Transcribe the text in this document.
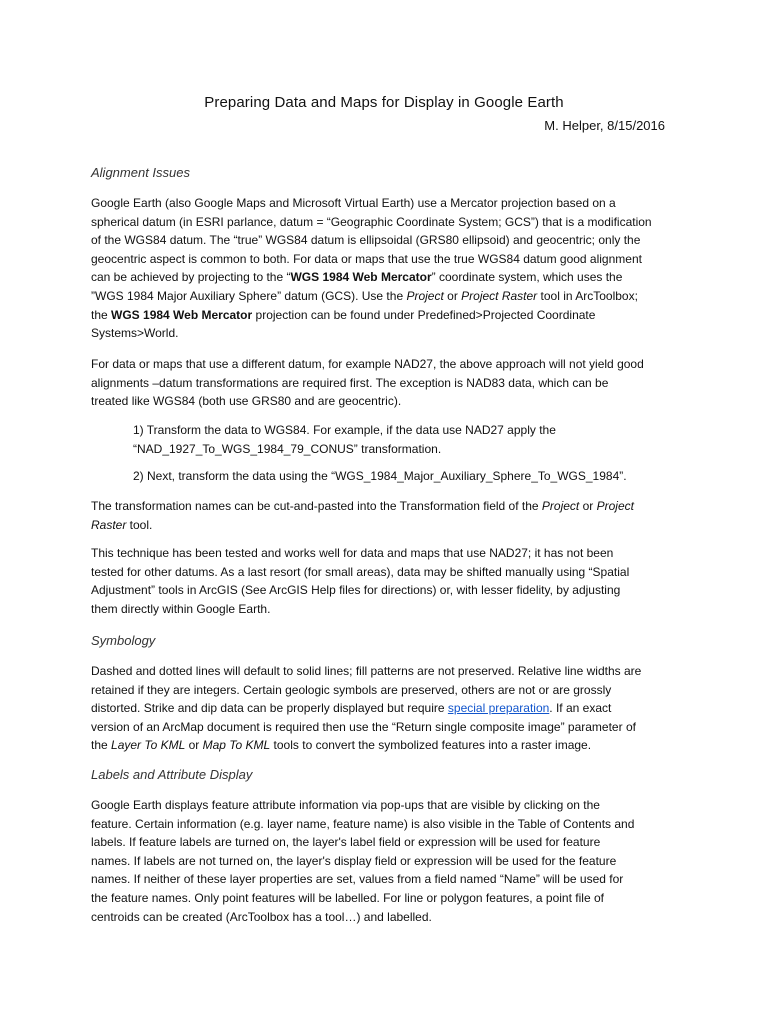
Preparing Data and Maps for Display in Google Earth
M. Helper, 8/15/2016
Alignment Issues
Google Earth (also Google Maps and Microsoft Virtual Earth) use a Mercator projection based on a
spherical datum (in ESRI parlance, datum = “Geographic Coordinate System; GCS”) that is a modification
of the WGS84 datum. The “true” WGS84 datum is ellipsoidal (GRS80 ellipsoid) and geocentric; only the
geocentric aspect is common to both. For data or maps that use the true WGS84 datum good alignment
can be achieved by projecting to the “WGS 1984 Web Mercator” coordinate system, which uses the
”WGS 1984 Major Auxiliary Sphere” datum (GCS). Use the Project or Project Raster tool in ArcToolbox;
the WGS 1984 Web Mercator projection can be found under Predefined>Projected Coordinate
Systems>World.
For data or maps that use a different datum, for example NAD27, the above approach will not yield good
alignments –datum transformations are required first. The exception is NAD83 data, which can be
treated like WGS84 (both use GRS80 and are geocentric).
1) Transform the data to WGS84. For example, if the data use NAD27 apply the
“NAD_1927_To_WGS_1984_79_CONUS” transformation.
2) Next, transform the data using the “WGS_1984_Major_Auxiliary_Sphere_To_WGS_1984”.
The transformation names can be cut-and-pasted into the Transformation field of the Project or Project
Raster tool.
This technique has been tested and works well for data and maps that use NAD27; it has not been
tested for other datums. As a last resort (for small areas), data may be shifted manually using “Spatial
Adjustment” tools in ArcGIS (See ArcGIS Help files for directions) or, with lesser fidelity, by adjusting
them directly within Google Earth.
Symbology
Dashed and dotted lines will default to solid lines; fill patterns are not preserved. Relative line widths are
retained if they are integers. Certain geologic symbols are preserved, others are not or are grossly
distorted. Strike and dip data can be properly displayed but require special preparation. If an exact
version of an ArcMap document is required then use the “Return single composite image” parameter of
the Layer To KML or Map To KML tools to convert the symbolized features into a raster image.
Labels and Attribute Display
Google Earth displays feature attribute information via pop-ups that are visible by clicking on the
feature. Certain information (e.g. layer name, feature name) is also visible in the Table of Contents and
labels. If feature labels are turned on, the layer's label field or expression will be used for feature
names. If labels are not turned on, the layer's display field or expression will be used for the feature
names. If neither of these layer properties are set, values from a field named “Name” will be used for
the feature names. Only point features will be labelled. For line or polygon features, a point file of
centroids can be created (ArcToolbox has a tool…) and labelled.
